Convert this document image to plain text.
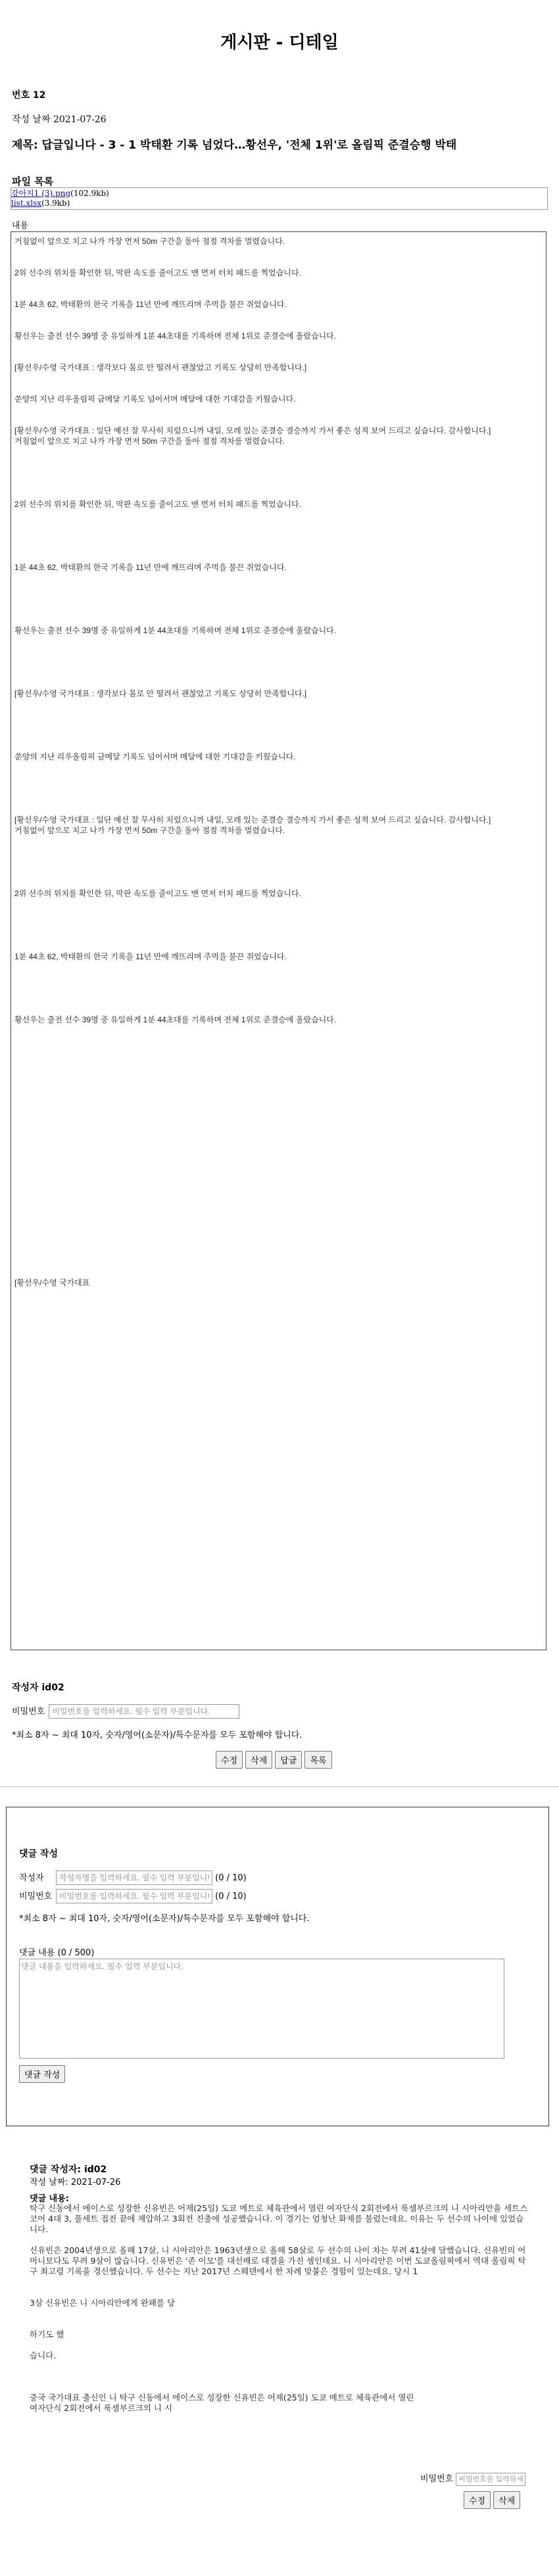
게시판 - 디테일
번호 12
작성 날짜 2021-07-26
제목: 답글입니다 - 3 - 1 박태환 기록 넘었다…황선우, '전체 1위'로 올림픽 준결승행 박태
파일 목록
강아지1 (3).png(102.9kb)
list.xlsx(3.9kb)
내용

거침없이 앞으로 치고 나가 가장 먼저 50m 구간을 돌아 점점 격차를 벌렸습니다.

2위 선수의 위치를 확인한 뒤, 막판 속도를 줄이고도 맨 먼저 터치 패드를 찍었습니다.

1분 44초 62, 박태환의 한국 기록을 11년 만에 깨뜨리며 주먹을 불끈 쥐었습니다.

황선우는 출전 선수 39명 중 유일하게 1분 44초대를 기록하며 전체 1위로 준결승에 올랐습니다.

[황선우/수영 국가대표 : 생각보다 몸로 안 떨려서 괜찮았고 기록도 상당히 만족합니다.]

쑨양의 지난 리우올림픽 금메달 기록도 넘어서며 메달에 대한 기대감을 키웠습니다.

[황선우/수영 국가대표 : 일단 예선 잘 무사히 치렀으니까 내일, 모레 있는 준결승 결승까지 가서 좋은 성적 보여 드리고 싶습니다. 감사합니다.]

거침없이 앞으로 치고 나가 가장 먼저 50m 구간을 돌아 점점 격차를 벌렸습니다.

2위 선수의 위치를 확인한 뒤, 막판 속도를 줄이고도 맨 먼저 터치 패드를 찍었습니다.

1분 44초 62, 박태환의 한국 기록을 11년 만에 깨뜨리며 주먹을 불끈 쥐었습니다.

황선우는 출전 선수 39명 중 유일하게 1분 44초대를 기록하며 전체 1위로 준결승에 올랐습니다.

[황선우/수영 국가대표 : 생각보다 몸로 안 떨려서 괜찮았고 기록도 상당히 만족합니다.]

쑨양의 지난 리우올림픽 금메달 기록도 넘어서며 메달에 대한 기대감을 키웠습니다.

[황선우/수영 국가대표 : 일단 예선 잘 무사히 치렀으니까 내일, 모레 있는 준결승 결승까지 가서 좋은 성적 보여 드리고 싶습니다. 감사합니다.]

거침없이 앞으로 치고 나가 가장 먼저 50m 구간을 돌아 점점 격차를 벌렸습니다.

2위 선수의 위치를 확인한 뒤, 막판 속도를 줄이고도 맨 먼저 터치 패드를 찍었습니다.

1분 44초 62, 박태환의 한국 기록을 11년 만에 깨뜨리며 주먹을 불끈 쥐었습니다.

황선우는 출전 선수 39명 중 유일하게 1분 44초대를 기록하며 전체 1위로 준결승에 올랐습니다.

[황선우/수영 국가대표

작성자 id02
비밀번호
*최소 8자 ~ 최대 10자, 숫자/영어(소문자)/특수문자를 모두 포함해야 합니다.
수정 삭제 답글 목록
댓글 작성
작성자작성자명을 입력하세요. 필수 입력 부분입니다.	(0 / 10)
비밀번호	(0 / 10)
*최소 8자 ~ 최대 10자, 숫자/영어(소문자)/특수문자를 모두 포함해야 합니다.
댓글 내용 (0 / 500)
댓글 내용을 입력하세요. 필수 입력 부분입니다.
댓글 작성
댓글 작성자: id02
작성 날짜: 2021-07-26
댓글 내용:

탁구 신동에서 에이스로 성장한 신유빈은 어제(25일) 도쿄 메트로 체육관에서 열린 여자단식 2회전에서 룩셈부르크의 니 시아리안을 세트스코어 4대 3, 풀세트 접전 끝에 제압하고 3회전 진출에 성공했습니다. 이 경기는 엄청난 화제를 불렀는데요. 이유는 두 선수의 나이에 있었습니다.

신유빈은 2004년생으로 올해 17살, 니 시아리안은 1963년생으로 올해 58살로 두 선수의 나이 차는 무려 41살에 달했습니다. 신유빈의 어머니보다도 무려 9살이 많습니다. 신유빈은 '존 이모'를 대선배로 대결을 가진 셈인데요. 니 시아리안은 이번 도쿄올림픽에서 역대 올림픽 탁구 최고령 기록을 경신했습니다. 두 선수는 지난 2017년 스웨덴에서 한 차례 맞붙은 경험이 있는데요. 당시 1

3살 신유빈은 니 시아리안에게 완패를 당

하기도 했

습니다.

중국 국가대표 출신인 니 탁구 신동에서 에이스로 성장한 신유빈은 어제(25일) 도쿄 메트로 체육관에서 열린 여자단식 2회전에서 룩셈부르크의 니 시

비밀번호
수정 삭제
